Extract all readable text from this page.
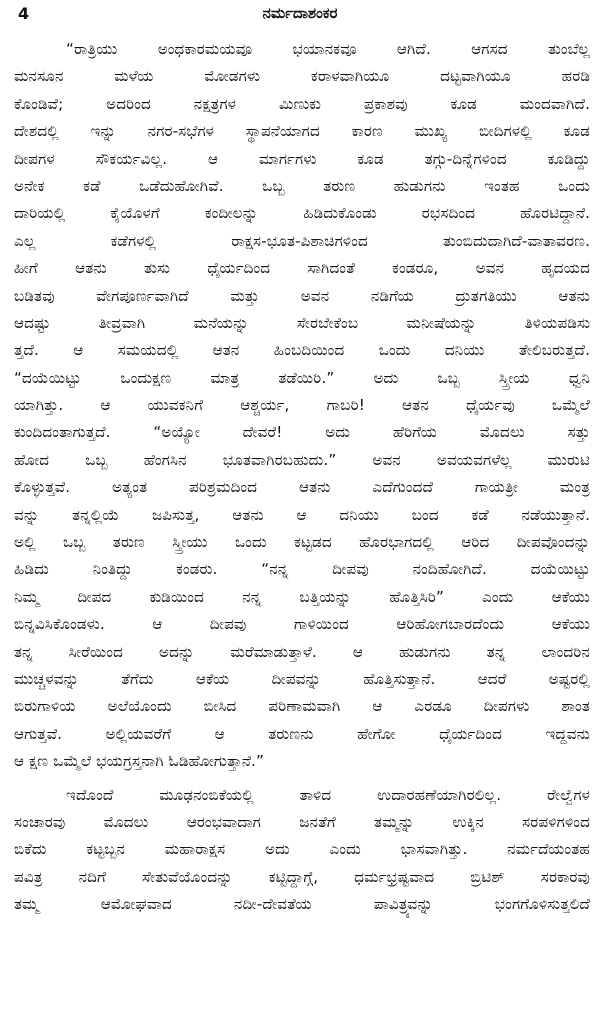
4	ನರ್ಮದಾಶಂಕರ
“ರಾತ್ರಿಯು ಅಂಧಕಾರಮಯವೂ ಭಯಾನಕವೂ ಆಗಿದೆ. ಆಗಸದ ತುಂಬೆಲ್ಲ
ಮನಸೂನ ಮಳೆಯ ಮೋಡಗಳು ಕರಾಳವಾಗಿಯೂ ದಟ್ಟವಾಗಿಯೂ ಹರಡಿ
ಕೊಂಡಿವೆ; ಅದರಿಂದ ನಕ್ಷತ್ರಗಳ ಮಿಣುಕು ಪ್ರಕಾಶವು ಕೂಡ ಮಂದವಾಗಿದೆ.
ದೇಶದಲ್ಲಿ ಇನ್ನು ನಗರ-ಸಭೆಗಳ ಸ್ಥಾಪನೆಯಾಗದ ಕಾರಣ ಮುಖ್ಯ ಬೀದಿಗಳಲ್ಲಿ ಕೂಡ
ದೀಪಗಳ ಸೌಕರ್ಯವಿಲ್ಲ. ಆ ಮಾರ್ಗಗಳು ಕೂಡ ತಗ್ಗು-ದಿನ್ನೆಗಳಿಂದ ಕೂಡಿದ್ದು
ಅನೇಕ ಕಡೆ ಒಡೆದುಹೋಗಿವೆ. ಒಬ್ಬ ತರುಣ ಹುಡುಗನು ಇಂತಹ ಒಂದು
ದಾರಿಯಲ್ಲಿ ಕೈಯೊಳಗೆ ಕಂದೀಲನ್ನು ಹಿಡಿದುಕೊಂಡು ರಭಸದಿಂದ ಹೊರಟಿದ್ದಾನೆ.
ಎಲ್ಲ ಕಡೆಗಳಲ್ಲಿ ರಾಕ್ಷಸ-ಭೂತ-ಪಿಶಾಚಿಗಳಿಂದ ತುಂಬಿದುದಾಗಿದೆ-ವಾತಾವರಣ.
ಹೀಗೆ ಆತನು ತುಸು ಧೈರ್ಯದಿಂದ ಸಾಗಿದಂತೆ ಕಂಡರೂ, ಅವನ ಹೃದಯದ
ಬಡಿತವು ವೇಗಪೂರ್ಣವಾಗಿದೆ ಮತ್ತು ಅವನ ನಡಿಗೆಯ ದ್ರುತಗತಿಯು ಆತನು
ಆದಷ್ಟು ತೀವ್ರವಾಗಿ ಮನೆಯನ್ನು ಸೇರಬೇಕೆಂಬ ಮನೀಷೆಯನ್ನು ತಿಳಿಯಪಡಿಸು
ತ್ತದೆ. ಆ ಸಮಯದಲ್ಲಿ ಆತನ ಹಿಂಬದಿಯಿಂದ ಒಂದು ದನಿಯು ತೇಲಿಬರುತ್ತದೆ.
“ದಯೆಯಿಟ್ಟು ಒಂದುಕ್ಷಣ ಮಾತ್ರ ತಡೆಯಿರಿ.” ಅದು ಒಬ್ಬ ಸ್ತ್ರೀಯ ಧ್ವನಿ
ಯಾಗಿತ್ತು. ಆ ಯುವಕನಿಗೆ ಆಶ್ಚರ್ಯ, ಗಾಬರಿ! ಆತನ ಧೈರ್ಯವು ಒಮ್ಮೆಲೆ
ಕುಂದಿದಂತಾಗುತ್ತದೆ. “ಅಯ್ಯೋ ದೇವರೆ! ಅದು ಹೆರಿಗೆಯ ಮೊದಲು ಸತ್ತು
ಹೋದ ಒಬ್ಬ ಹೆಂಗಸಿನ ಭೂತವಾಗಿರಬಹುದು.” ಅವನ ಅವಯವಗಳೆಲ್ಲ ಮುರುಟಿ
ಕೊಳ್ಳುತ್ತವೆ. ಅತ್ಯಂತ ಪರಿಶ್ರಮದಿಂದ ಆತನು ಎದೆಗುಂದದೆ ಗಾಯತ್ರೀ ಮಂತ್ರ
ವನ್ನು ತನ್ನಲ್ಲಿಯೆ ಜಪಿಸುತ್ತ, ಆತನು ಆ ದನಿಯು ಬಂದ ಕಡೆ ನಡೆಯುತ್ತಾನೆ.
ಅಲ್ಲಿ ಒಬ್ಬ ತರುಣ ಸ್ತ್ರೀಯು ಒಂದು ಕಟ್ಟಡದ ಹೊರಭಾಗದಲ್ಲಿ ಆರಿದ ದೀಪವೊಂದನ್ನು
ಹಿಡಿದು ನಿಂತಿದ್ದು ಕಂಡರು. “ನನ್ನ ದೀಪವು ನಂದಿಹೋಗಿದೆ. ದಯೆಯಿಟ್ಟು
ನಿಮ್ಮ ದೀಪದ ಕುಡಿಯಿಂದ ನನ್ನ ಬತ್ತಿಯನ್ನು ಹೊತ್ತಿಸಿರಿ” ಎಂದು ಆಕೆಯು
ಬಿನ್ನವಿಸಿಕೊಂಡಳು. ಆ ದೀಪವು ಗಾಳಿಯಿಂದ ಆರಿಹೋಗಬಾರದೆಂದು ಆಕೆಯು
ತನ್ನ ಸೀರೆಯಿಂದ ಅದನ್ನು ಮರೆಮಾಡುತ್ತಾಳೆ. ಆ ಹುಡುಗನು ತನ್ನ ಲಾಂದರಿನ
ಮುಚ್ಚಳವನ್ನು ತೆಗೆದು ಆಕೆಯ ದೀಪವನ್ನು ಹೊತ್ತಿಸುತ್ತಾನೆ. ಆದರೆ ಅಷ್ಟರಲ್ಲಿ
ಬಿರುಗಾಳಿಯ ಅಲೆಯೊಂದು ಬೀಸಿದ ಪರಿಣಾಮವಾಗಿ ಆ ಎರಡೂ ದೀಪಗಳು ಶಾಂತ
ಆಗುತ್ತವೆ. ಅಲ್ಲಿಯವರೆಗೆ ಆ ತರುಣನು ಹೇಗೋ ಧೈರ್ಯದಿಂದ ಇದ್ದವನು
ಆ ಕ್ಷಣ ಒಮ್ಮೆಲೆ ಭಯಗ್ರಸ್ತನಾಗಿ ಓಡಿಹೋಗುತ್ತಾನೆ.”
ಇದೊಂದೆ ಮೂಢನಂಬಿಕೆಯಲ್ಲಿ ತಾಳಿದ ಉದಾರಹಣೆಯಾಗಿರಲಿಲ್ಲ. ರೇಲ್ವೆಗಳ
ಸಂಚಾರವು ಮೊದಲು ಆರಂಭವಾದಾಗ ಜನತೆಗೆ ತಮ್ಮನ್ನು ಉಕ್ಕಿನ ಸರಪಳಿಗಳಿಂದ
ಬಿಕೆದು ಕಟ್ಟಬ್ಬನ ಮಹಾರಾಕ್ಷಸ ಅದು ಎಂದು ಭಾಸವಾಗಿತ್ತು. ನರ್ಮದೆಯಂತಹ
ಪವಿತ್ರ ನದಿಗೆ ಸೇತುವೆಯೊಂದನ್ನು ಕಟ್ಟಿದ್ದಾಗ್ಗೆ, ಧರ್ಮಭ್ರಷ್ಟವಾದ ಬ್ರಿಟಿಶ್ ಸರಕಾರವು
ತಮ್ಮ ಆಮೋಘವಾದ ನದೀ-ದೇವತೆಯ ಪಾವಿತ್ರ್ಯವನ್ನು ಭಂಗಗೊಳಿಸುತ್ತಲಿದೆ
